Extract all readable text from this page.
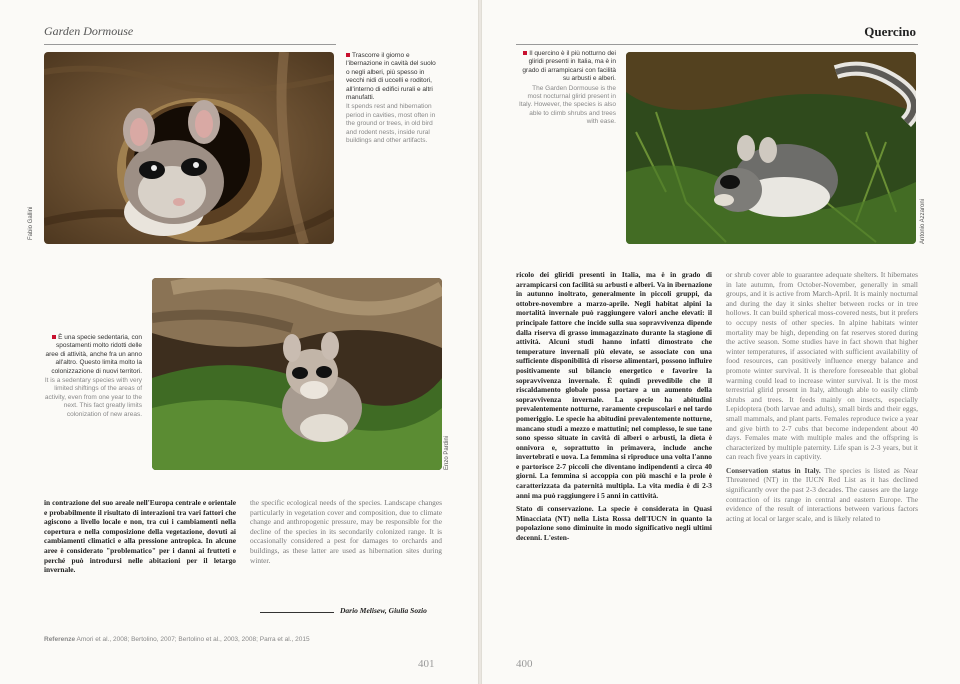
Garden Dormouse
Fabio Gallini
Trascorre il giorno e l'ibernazione in cavità del suolo o negli alberi, più spesso in vecchi nidi di uccelli e roditori, all'interno di edifici rurali e altri manufatti.
It spends rest and hibernation period in cavities, most often in the ground or trees, in old bird and rodent nests, inside rural buildings and other artifacts.
Enzo Pardini
È una specie sedentaria, con spostamenti molto ridotti delle aree di attività, anche fra un anno all'altro. Questo limita molto la colonizzazione di nuovi territori.
It is a sedentary species with very limited shiftings of the areas of activity, even from one year to the next. This fact greatly limits colonization of new areas.
in contrazione del suo areale nell'Europa centrale e orientale e probabilmente il risultato di interazioni tra vari fattori che agiscono a livello locale e non, tra cui i cambiamenti nella copertura e nella composizione della vegetazione, dovuti ai cambiamenti climatici e alla pressione antropica. In alcune aree è considerato "problematico" per i danni ai frutteti e perché può introdursi nelle abitazioni per il letargo invernale.
the specific ecological needs of the species. Landscape changes particularly in vegetation cover and composition, due to climate change and anthropogenic pressure, may be responsible for the decline of the species in its secondarily colonized range. It is occasionally considered a pest for damages to orchards and buildings, as these latter are used as hibernation sites during winter.
Dario Melisew, Giulia Sozio
Referenze Amori et al., 2008; Bertolino, 2007; Bertolino et al., 2003, 2008; Parra et al., 2015
401
Quercino
Il quercino è il più notturno dei gliridi presenti in Italia, ma è in grado di arrampicarsi con facilità su arbusti e alberi.
The Garden Dormouse is the most nocturnal glirid present in Italy. However, the species is also able to climb shrubs and trees with ease.
Antonio Azzaroni

ricolo dei gliridi presenti in Italia, ma è in grado di arrampicarsi con facilità su arbusti e alberi. Va in ibernazione in autunno inoltrato, generalmente in piccoli gruppi, da ottobre-novembre a marzo-aprile. Negli habitat alpini la mortalità invernale può raggiungere valori anche elevati: il principale fattore che incide sulla sua sopravvivenza dipende dalla riserva di grasso immagazzinato durante la stagione di attività. Alcuni studi hanno infatti dimostrato che temperature invernali più elevate, se associate con una sufficiente disponibilità di risorse alimentari, possono influire positivamente sul bilancio energetico e favorire la sopravvivenza invernale. È quindi prevedibile che il riscaldamento globale possa portare a un aumento della sopravvivenza invernale. La specie ha abitudini prevalentemente notturne, raramente crepuscolari e nel tardo pomeriggio. Le specie ha abitudini prevalentemente notturne, mancano studi a mezzo e mattutini; nel complesso, le sue tane sono spesso situate in cavità di alberi o arbusti, la dieta è onnivora e, soprattutto in primavera, include anche invertebrati e uova. La femmina si riproduce una volta l'anno e partorisce 2-7 piccoli che diventano indipendenti a circa 40 giorni. La femmina si accoppia con più maschi e la prole è caratterizzata da paternità multipla. La vita media è di 2-3 anni ma può raggiungere i 5 anni in cattività.

Stato di conservazione. La specie è considerata in Quasi Minacciata (NT) nella Lista Rossa dell'IUCN in quanto la popolazione sono diminuite in modo significativo negli ultimi decenni. L'esten-

or shrub cover able to guarantee adequate shelters. It hibernates in late autumn, from October-November, generally in small groups, and it is active from March-April. It is mainly nocturnal and during the day it sinks shelter between rocks or in tree hollows. It can build spherical moss-covered nests, but it prefers to occupy nests of other species. In alpine habitats winter mortality may be high, depending on fat reserves stored during the active season. Some studies have in fact shown that higher winter temperatures, if associated with sufficient availability of food resources, can positively influence energy balance and promote winter survival. It is therefore foreseeable that global warming could lead to increase winter survival. It is the most terrestrial glirid present in Italy, although able to easily climb shrubs and trees. It feeds mainly on insects, especially Lepidoptera (both larvae and adults), small birds and their eggs, small mammals, and plant parts. Females reproduce twice a year and give birth to 2-7 cubs that become independent about 40 days. Females mate with multiple males and the offspring is characterized by multiple paternity. Life span is 2-3 years, but it can reach five years in captivity.

Conservation status in Italy. The species is listed as Near Threatened (NT) in the IUCN Red List as it has declined significantly over the past 2-3 decades. The causes are the large contraction of its range in central and eastern Europe. The evidence of the result of interactions between various factors acting at local or larger scale, and is likely related to

400
